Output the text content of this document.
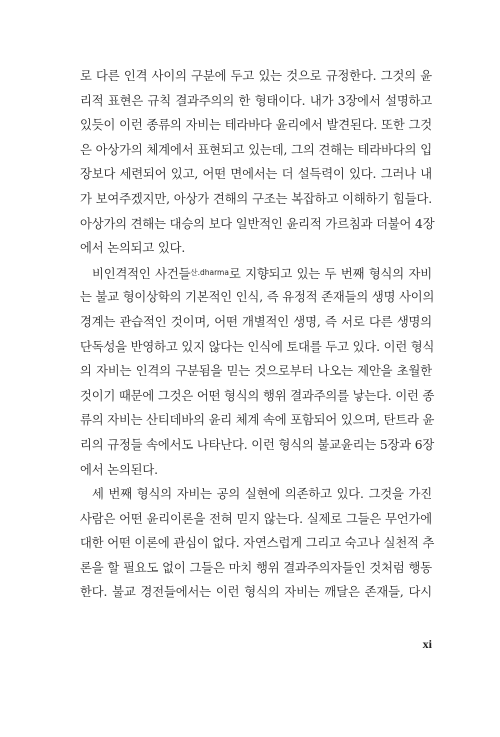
로 다른 인격 사이의 구분에 두고 있는 것으로 규정한다. 그것의 윤
리적 표현은 규칙 결과주의의 한 형태이다. 내가 3장에서 설명하고
있듯이 이런 종류의 자비는 테라바다 윤리에서 발견된다. 또한 그것
은 아상가의 체계에서 표현되고 있는데, 그의 견해는 테라바다의 입
장보다 세련되어 있고, 어떤 면에서는 더 설득력이 있다. 그러나 내
가 보여주겠지만, 아상가 견해의 구조는 복잡하고 이해하기 힘들다.
아상가의 견해는 대승의 보다 일반적인 윤리적 가르침과 더불어 4장
에서 논의되고 있다.
비인격적인 사건들$^{산.dharma}$로 지향되고 있는 두 번째 형식의 자비
는 불교 형이상학의 기본적인 인식, 즉 유정적 존재들의 생명 사이의
경계는 관습적인 것이며, 어떤 개별적인 생명, 즉 서로 다른 생명의
단독성을 반영하고 있지 않다는 인식에 토대를 두고 있다. 이런 형식
의 자비는 인격의 구분됨을 믿는 것으로부터 나오는 제안을 초월한
것이기 때문에 그것은 어떤 형식의 행위 결과주의를 낳는다. 이런 종
류의 자비는 산티데바의 윤리 체계 속에 포함되어 있으며, 탄트라 윤
리의 규정들 속에서도 나타난다. 이런 형식의 불교윤리는 5장과 6장
에서 논의된다.
세 번째 형식의 자비는 공의 실현에 의존하고 있다. 그것을 가진
사람은 어떤 윤리이론을 전혀 믿지 않는다. 실제로 그들은 무언가에
대한 어떤 이론에 관심이 없다. 자연스럽게 그리고 숙고나 실천적 추
론을 할 필요도 없이 그들은 마치 행위 결과주의자들인 것처럼 행동
한다. 불교 경전들에서는 이런 형식의 자비는 깨달은 존재들, 다시
xi
